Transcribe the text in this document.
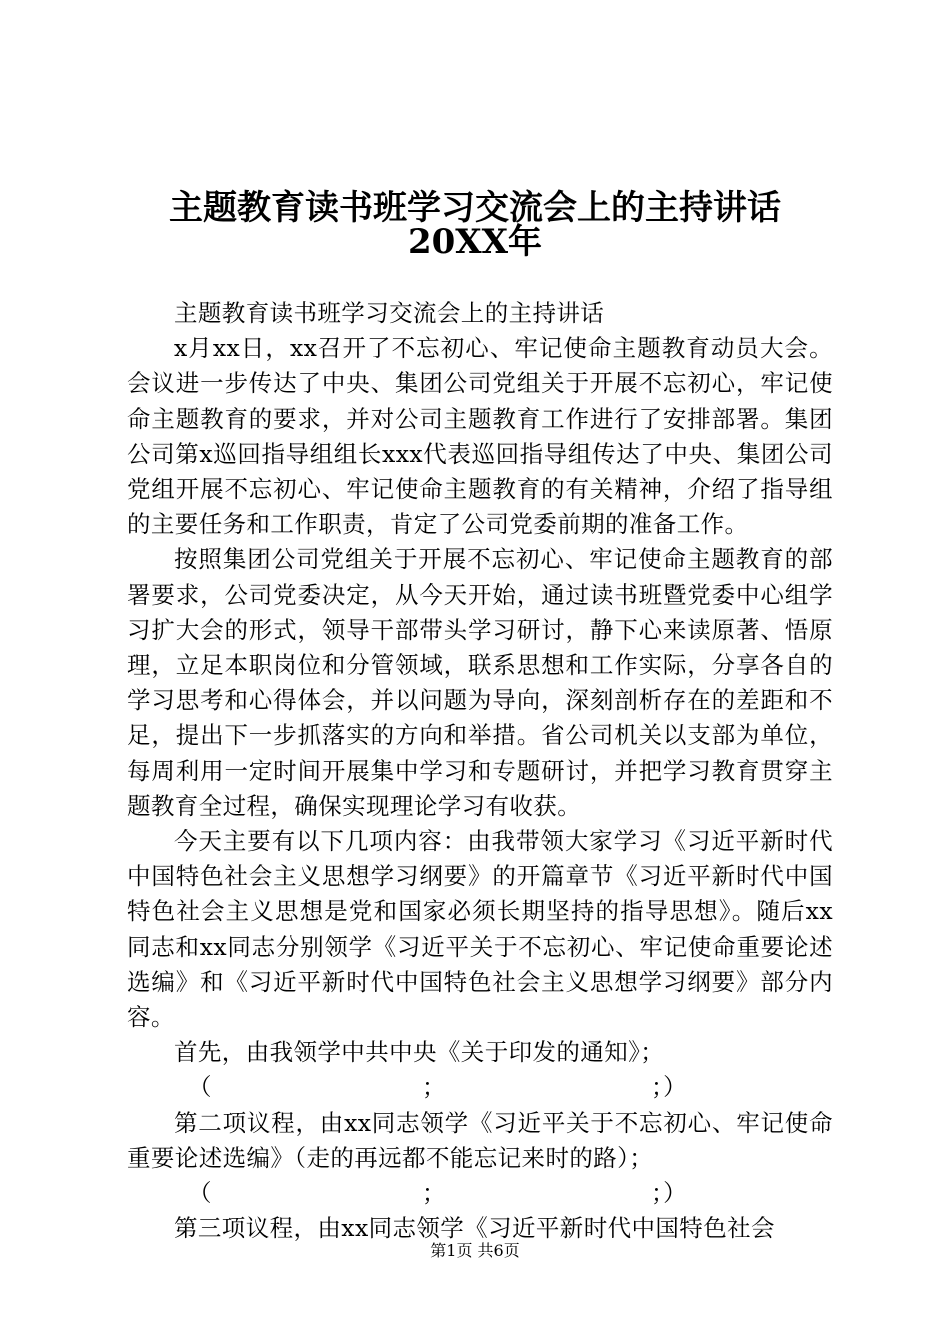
主题教育读书班学习交流会上的主持讲话
20XX年

主题教育读书班学习交流会上的主持讲话

x月xx日，xx召开了不忘初心、牢记使命主题教育动员大会。会议进一步传达了中央、集团公司党组关于开展不忘初心，牢记使命主题教育的要求，并对公司主题教育工作进行了安排部署。集团公司第x巡回指导组组长xxx代表巡回指导组传达了中央、集团公司党组开展不忘初心、牢记使命主题教育的有关精神，介绍了指导组的主要任务和工作职责，肯定了公司党委前期的准备工作。

按照集团公司党组关于开展不忘初心、牢记使命主题教育的部署要求，公司党委决定，从今天开始，通过读书班暨党委中心组学习扩大会的形式，领导干部带头学习研讨，静下心来读原著、悟原理，立足本职岗位和分管领域，联系思想和工作实际，分享各自的学习思考和心得体会，并以问题为导向，深刻剖析存在的差距和不足，提出下一步抓落实的方向和举措。省公司机关以支部为单位，每周利用一定时间开展集中学习和专题研讨，并把学习教育贯穿主题教育全过程，确保实现理论学习有收获。

今天主要有以下几项内容：由我带领大家学习《习近平新时代中国特色社会主义思想学习纲要》的开篇章节《习近平新时代中国特色社会主义思想是党和国家必须长期坚持的指导思想》。随后xx同志和xx同志分别领学《习近平关于不忘初心、牢记使命重要论述选编》和《习近平新时代中国特色社会主义思想学习纲要》部分内容。

首先，由我领学中共中央《关于印发的通知》；

（	；	；）

第二项议程，由xx同志领学《习近平关于不忘初心、牢记使命重要论述选编》（走的再远都不能忘记来时的路）；

（	；	；）

第三项议程，由xx同志领学《习近平新时代中国特色社会

第1页 共6页
